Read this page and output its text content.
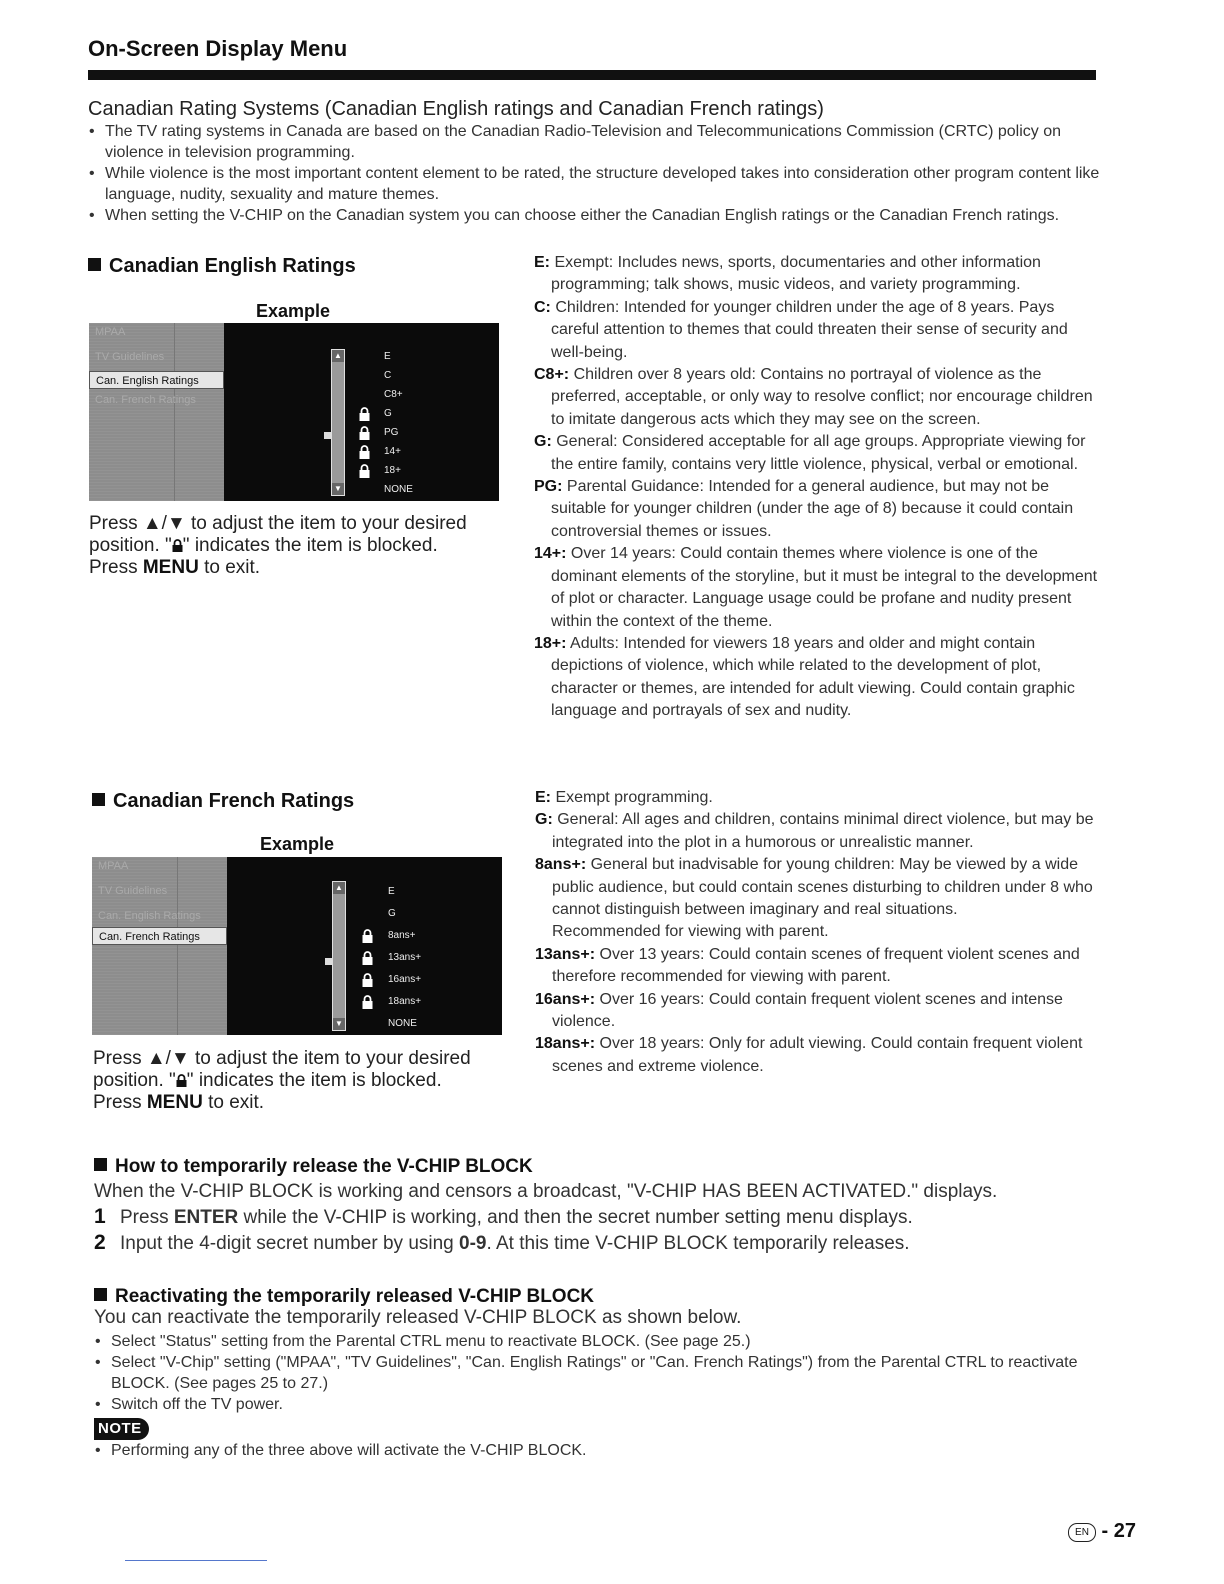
On-Screen Display Menu
Canadian Rating Systems (Canadian English ratings and Canadian French ratings)
• The TV rating systems in Canada are based on the Canadian Radio-Television and Telecommunications Commission (CRTC) policy on violence in television programming.
• While violence is the most important content element to be rated, the structure developed takes into consideration other program content like language, nudity, sexuality and mature themes.
• When setting the V-CHIP on the Canadian system you can choose either the Canadian English ratings or the Canadian French ratings.
Canadian English Ratings
Example
MPAA
TV Guidelines
Can. English Ratings
Can. French Ratings
▲
▼
E
C
C8+
G
PG
14+
18+
NONE
Press ▲/▼ to adjust the item to your desired position. " " indicates the item is blocked.
Press MENU to exit.
E: Exempt: Includes news, sports, documentaries and other information programming; talk shows, music videos, and variety programming.
C: Children: Intended for younger children under the age of 8 years. Pays careful attention to themes that could threaten their sense of security and well-being.
C8+: Children over 8 years old: Contains no portrayal of violence as the preferred, acceptable, or only way to resolve conflict; nor encourage children to imitate dangerous acts which they may see on the screen.
G: General: Considered acceptable for all age groups. Appropriate viewing for the entire family, contains very little violence, physical, verbal or emotional.
PG: Parental Guidance: Intended for a general audience, but may not be suitable for younger children (under the age of 8) because it could contain controversial themes or issues.
14+: Over 14 years: Could contain themes where violence is one of the dominant elements of the storyline, but it must be integral to the development of plot or character. Language usage could be profane and nudity present within the context of the theme.
18+: Adults: Intended for viewers 18 years and older and might contain depictions of violence, which while related to the development of plot, character or themes, are intended for adult viewing. Could contain graphic language and portrayals of sex and nudity.
Canadian French Ratings
Example
MPAA
TV Guidelines
Can. English Ratings
Can. French Ratings
▲
▼
E
G
8ans+
13ans+
16ans+
18ans+
NONE
Press ▲/▼ to adjust the item to your desired position. " " indicates the item is blocked.
Press MENU to exit.
E: Exempt programming.
G: General: All ages and children, contains minimal direct violence, but may be integrated into the plot in a humorous or unrealistic manner.
8ans+: General but inadvisable for young children: May be viewed by a wide public audience, but could contain scenes disturbing to children under 8 who cannot distinguish between imaginary and real situations.
Recommended for viewing with parent.
13ans+: Over 13 years: Could contain scenes of frequent violent scenes and therefore recommended for viewing with parent.
16ans+: Over 16 years: Could contain frequent violent scenes and intense violence.
18ans+: Over 18 years: Only for adult viewing. Could contain frequent violent scenes and extreme violence.
How to temporarily release the V-CHIP BLOCK
When the V-CHIP BLOCK is working and censors a broadcast, "V-CHIP HAS BEEN ACTIVATED." displays.
1 Press ENTER while the V-CHIP is working, and then the secret number setting menu displays.
2 Input the 4-digit secret number by using 0-9. At this time V-CHIP BLOCK temporarily releases.
Reactivating the temporarily released V-CHIP BLOCK
You can reactivate the temporarily released V-CHIP BLOCK as shown below.
• Select "Status" setting from the Parental CTRL menu to reactivate BLOCK. (See page 25.)
• Select "V-Chip" setting ("MPAA", "TV Guidelines", "Can. English Ratings" or "Can. French Ratings") from the Parental CTRL to reactivate BLOCK. (See pages 25 to 27.)
• Switch off the TV power.
NOTE
• Performing any of the three above will activate the V-CHIP BLOCK.
EN - 27
